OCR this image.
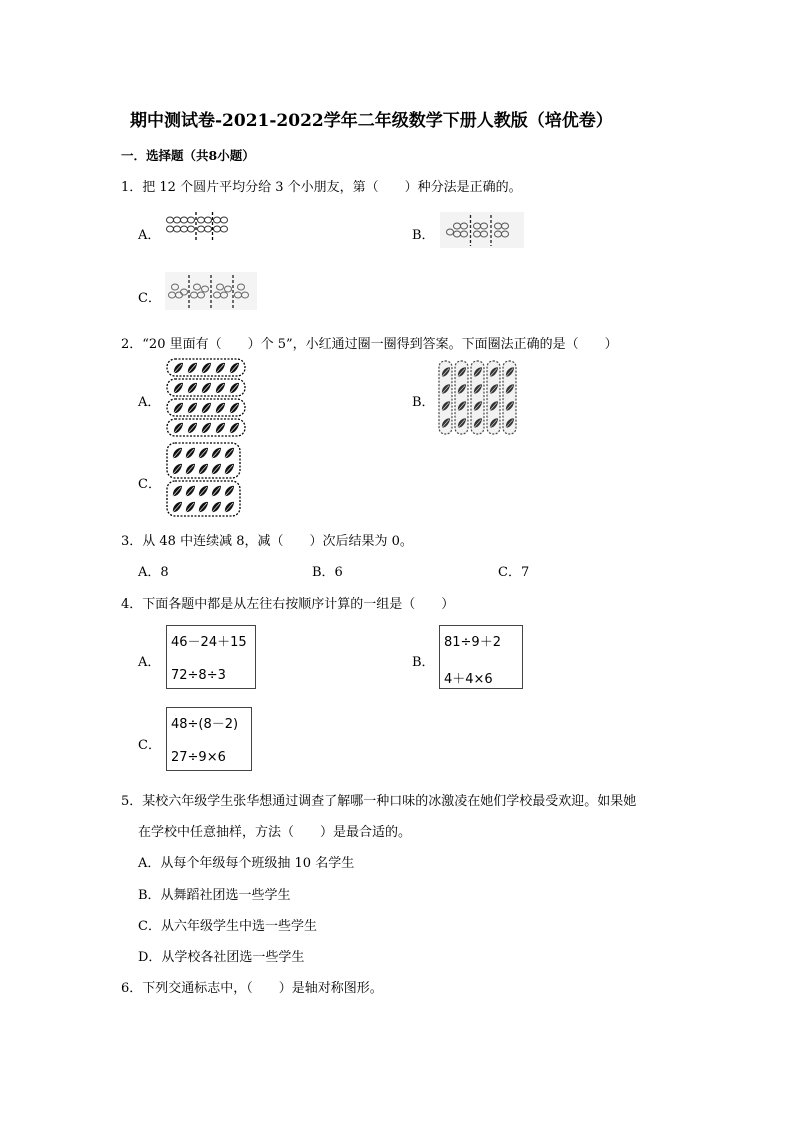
期中测试卷-2021-2022学年二年级数学下册人教版（培优卷）
一．选择题（共8小题）
1．把 12 个圆片平均分给 3 个小朋友，第（　　）种分法是正确的。
A．	B．
C．
2．“20 里面有（　　）个 5”，小红通过圈一圈得到答案。下面圈法正确的是（　　）
A．	B．
C．
3．从 48 中连续减 8，减（　　）次后结果为 0。
A．8	B．6	C．7
4．下面各题中都是从左往右按顺序计算的一组是（　　）
A．
46－24＋15
72÷8÷3
B．
81÷9＋2
4＋4×6
C．
48÷(8－2)
27÷9×6
5．某校六年级学生张华想通过调查了解哪一种口味的冰激凌在她们学校最受欢迎。如果她
在学校中任意抽样，方法（　　）是最合适的。
A．从每个年级每个班级抽 10 名学生
B．从舞蹈社团选一些学生
C．从六年级学生中选一些学生
D．从学校各社团选一些学生
6．下列交通标志中，（　　）是轴对称图形。
